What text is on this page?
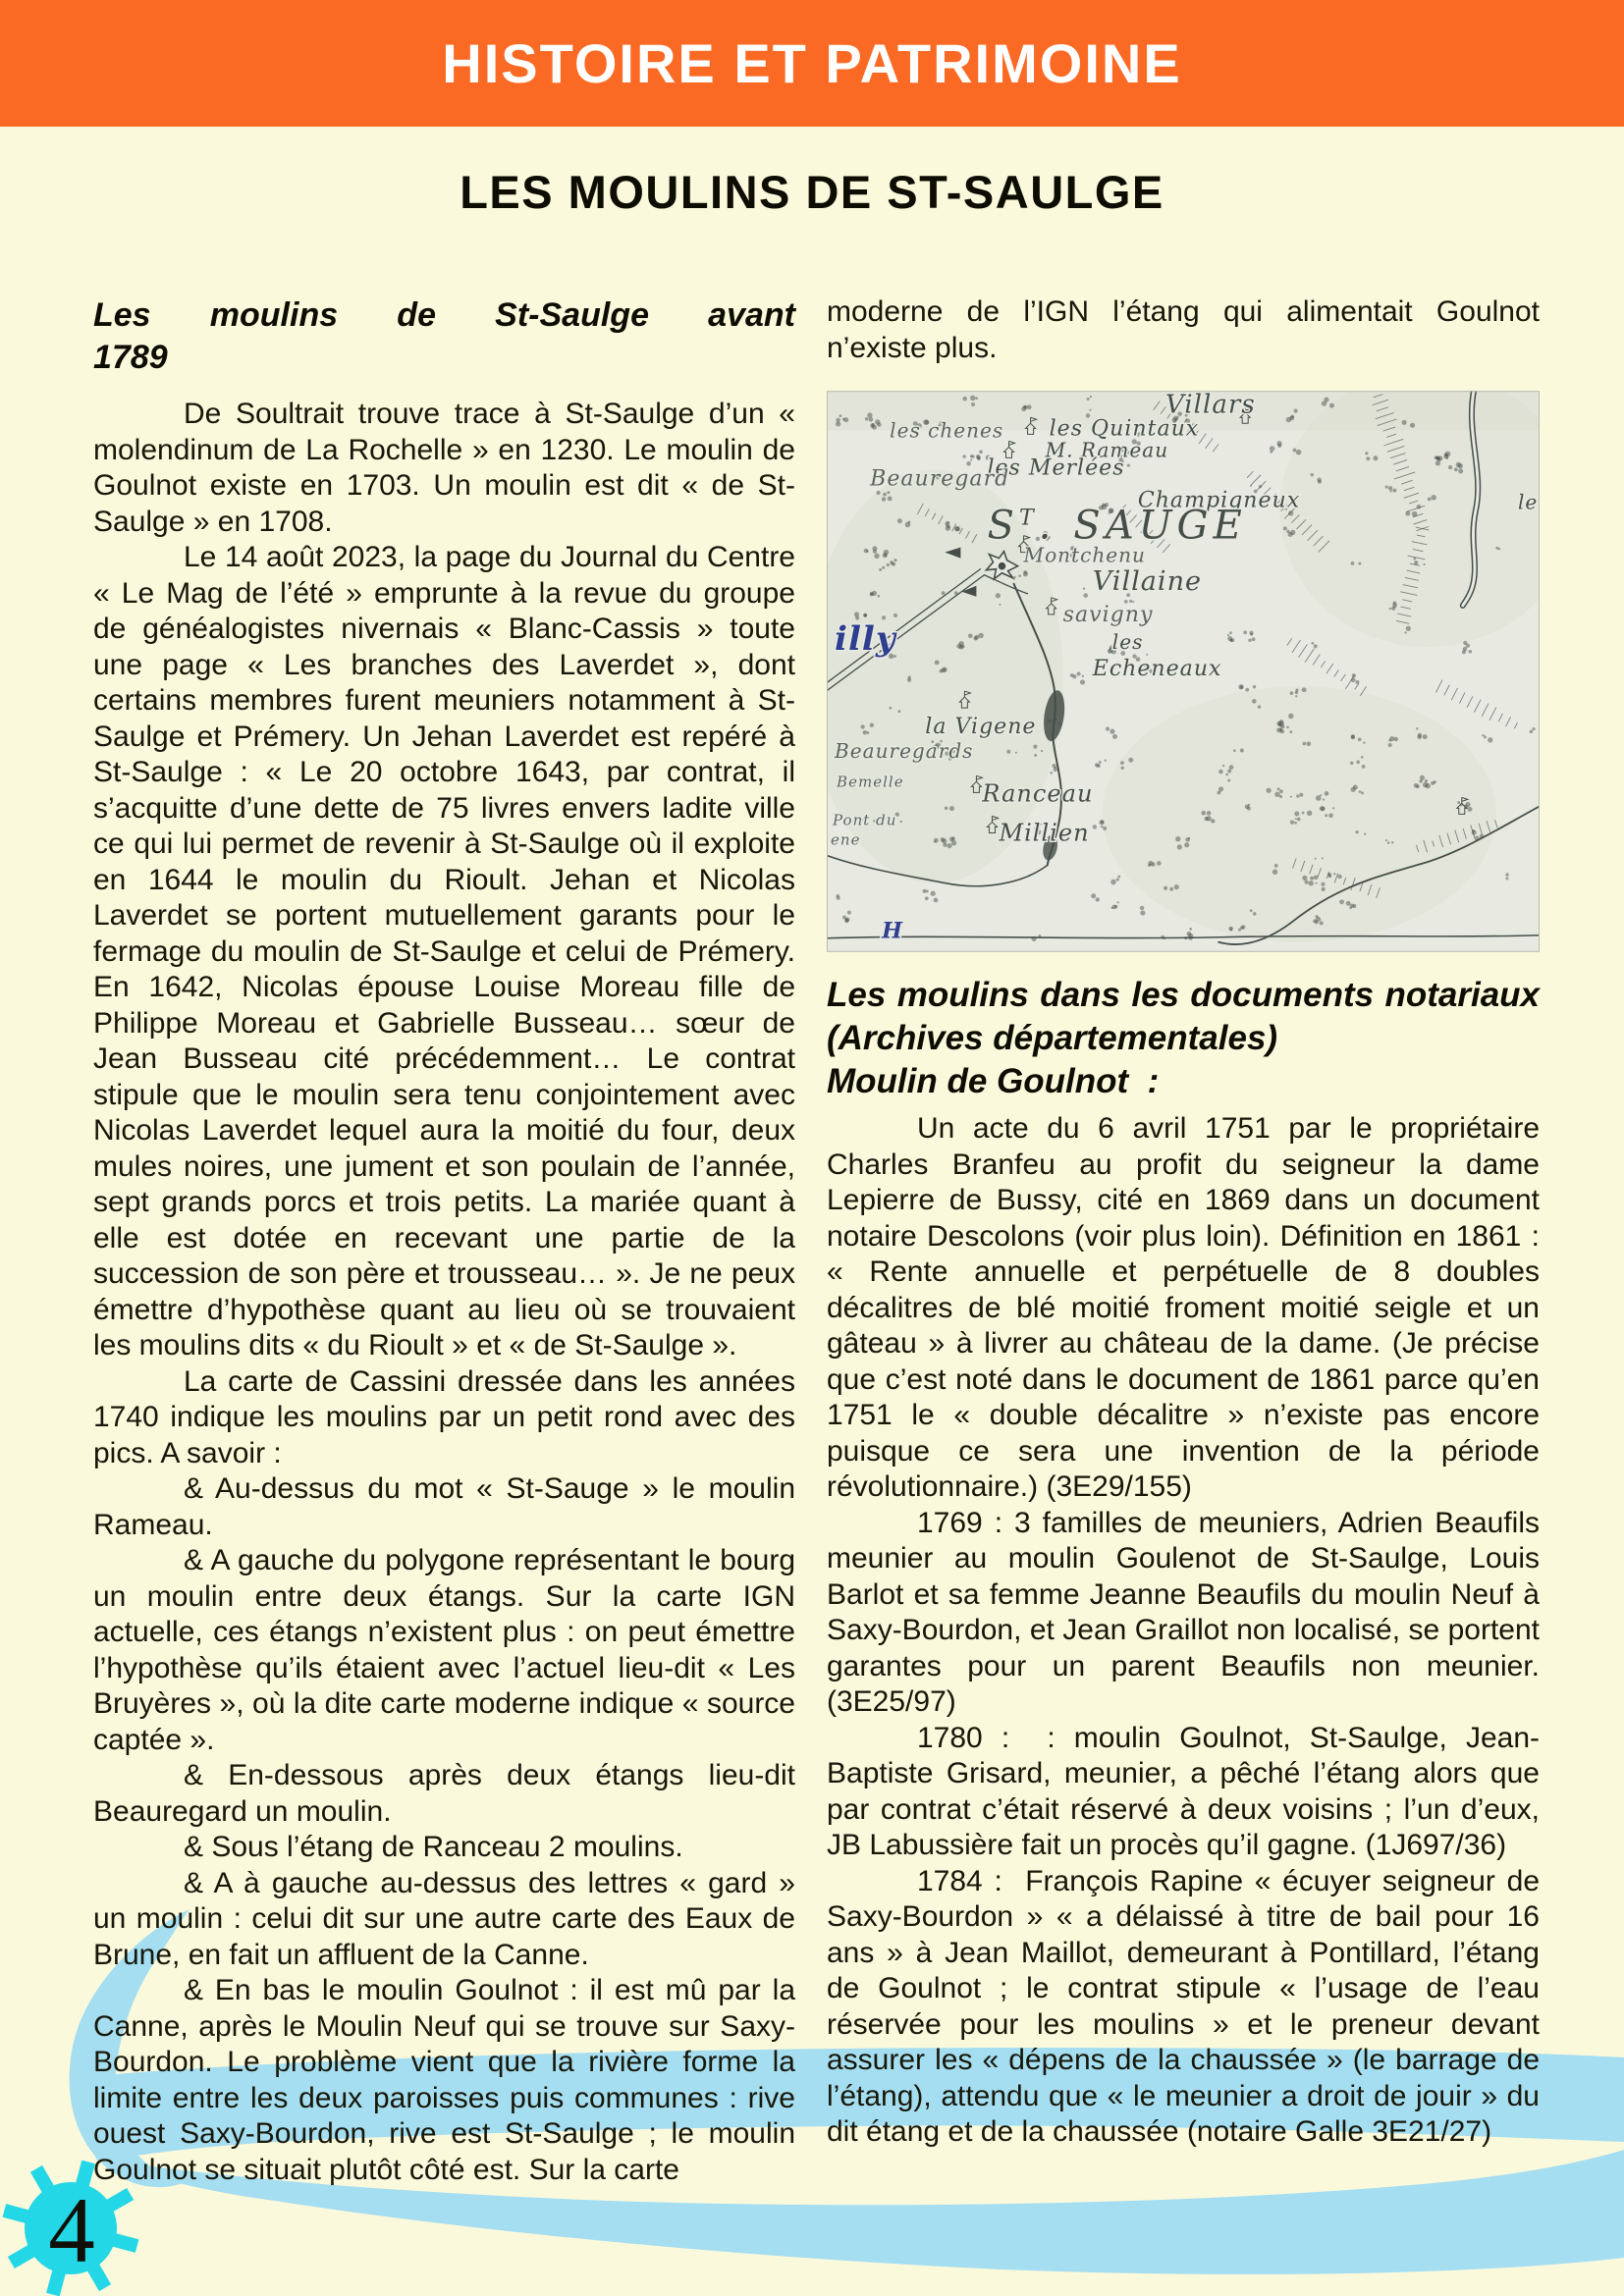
HISTOIRE ET PATRIMOINE
LES MOULINS DE ST-SAULGE
Les moulins de St-Saulge avant
1789

De Soultrait trouve trace à St-Saulge d’un « molendinum de La Rochelle » en 1230. Le moulin de Goulnot existe en 1703. Un moulin est dit « de St-Saulge » en 1708.

Le 14 août 2023, la page du Journal du Centre « Le Mag de l’été » emprunte à la revue du groupe de généalogistes nivernais « Blanc-Cassis » toute une page « Les branches des Laverdet », dont certains membres furent meuniers notamment à St-Saulge et Prémery. Un Jehan Laverdet est repéré à St-Saulge : « Le 20 octobre 1643, par contrat, il s’acquitte d’une dette de 75 livres envers ladite ville ce qui lui permet de revenir à St-Saulge où il exploite en 1644 le moulin du Rioult. Jehan et Nicolas Laverdet se portent mutuellement garants pour le fermage du moulin de St-Saulge et celui de Prémery. En 1642, Nicolas épouse Louise Moreau fille de Philippe Moreau et Gabrielle Busseau… sœur de Jean Busseau cité précédemment… Le contrat stipule que le moulin sera tenu conjointement avec Nicolas Laverdet lequel aura la moitié du four, deux mules noires, une jument et son poulain de l’année, sept grands porcs et trois petits. La mariée quant à elle est dotée en recevant une partie de la succession de son père et trousseau… ». Je ne peux émettre d’hypothèse quant au lieu où se trouvaient les moulins dits « du Rioult » et « de St-Saulge ».

La carte de Cassini dressée dans les années 1740 indique les moulins par un petit rond avec des pics. A savoir :

& Au-dessus du mot « St-Sauge » le moulin Rameau.

& A gauche du polygone représentant le bourg un moulin entre deux étangs. Sur la carte IGN actuelle, ces étangs n’existent plus : on peut émettre l’hypothèse qu’ils étaient avec l’actuel lieu-dit « Les Bruyères », où la dite carte moderne indique « source captée ».

& En-dessous après deux étangs lieu-dit Beauregard un moulin.

& Sous l’étang de Ranceau 2 moulins.

& A à gauche au-dessus des lettres « gard » un moulin : celui dit sur une autre carte des Eaux de Brune, en fait un affluent de la Canne.

& En bas le moulin Goulnot : il est mû par la Canne, après le Moulin Neuf qui se trouve sur Saxy-Bourdon. Le problème vient que la rivière forme la limite entre les deux paroisses puis communes : rive ouest Saxy-Bourdon, rive est St-Saulge ; le moulin Goulnot se situait plutôt côté est. Sur la carte

moderne de l’IGN l’étang qui alimentait Goulnot n’existe plus.

Villars
les Quintaux
M. Rameau
les Merlées
les chenes
Beauregard
Champigneux
$S^T$. SAUGE
Montchenu
Villaine
savigny
les
Echeneaux
illy
la Vigene
Beauregards
Bemelle
Pont du
ene
Ranceau
Millien
H
le
Les moulins dans les documents notariaux
(Archives départementales)
Moulin de Goulnot  :

Un acte du 6 avril 1751 par le propriétaire Charles Branfeu au profit du seigneur la dame Lepierre de Bussy, cité en 1869 dans un document notaire Descolons (voir plus loin). Définition en 1861 : « Rente annuelle et perpétuelle de 8 doubles décalitres de blé moitié froment moitié seigle et un gâteau » à livrer au château de la dame. (Je précise que c’est noté dans le document de 1861 parce qu’en 1751 le « double décalitre » n’existe pas encore puisque ce sera une invention de la période révolutionnaire.) (3E29/155)

1769 : 3 familles de meuniers, Adrien Beaufils meunier au moulin Goulenot de St-Saulge, Louis Barlot et sa femme Jeanne Beaufils du moulin Neuf à Saxy-Bourdon, et Jean Graillot non localisé, se portent garantes pour un parent Beaufils non meunier. (3E25/97)

1780 :  : moulin Goulnot, St-Saulge, Jean-Baptiste Grisard, meunier, a pêché l’étang alors que par contrat c’était réservé à deux voisins ; l’un d’eux, JB Labussière fait un procès qu’il gagne. (1J697/36)

1784 :  François Rapine « écuyer seigneur de Saxy-Bourdon » « a délaissé à titre de bail pour 16 ans » à Jean Maillot, demeurant à Pontillard, l’étang de Goulnot ; le contrat stipule « l’usage de l’eau réservée pour les moulins » et le preneur devant assurer les « dépens de la chaussée » (le barrage de l’étang), attendu que « le meunier a droit de jouir » du dit étang et de la chaussée (notaire Galle 3E21/27)

4
